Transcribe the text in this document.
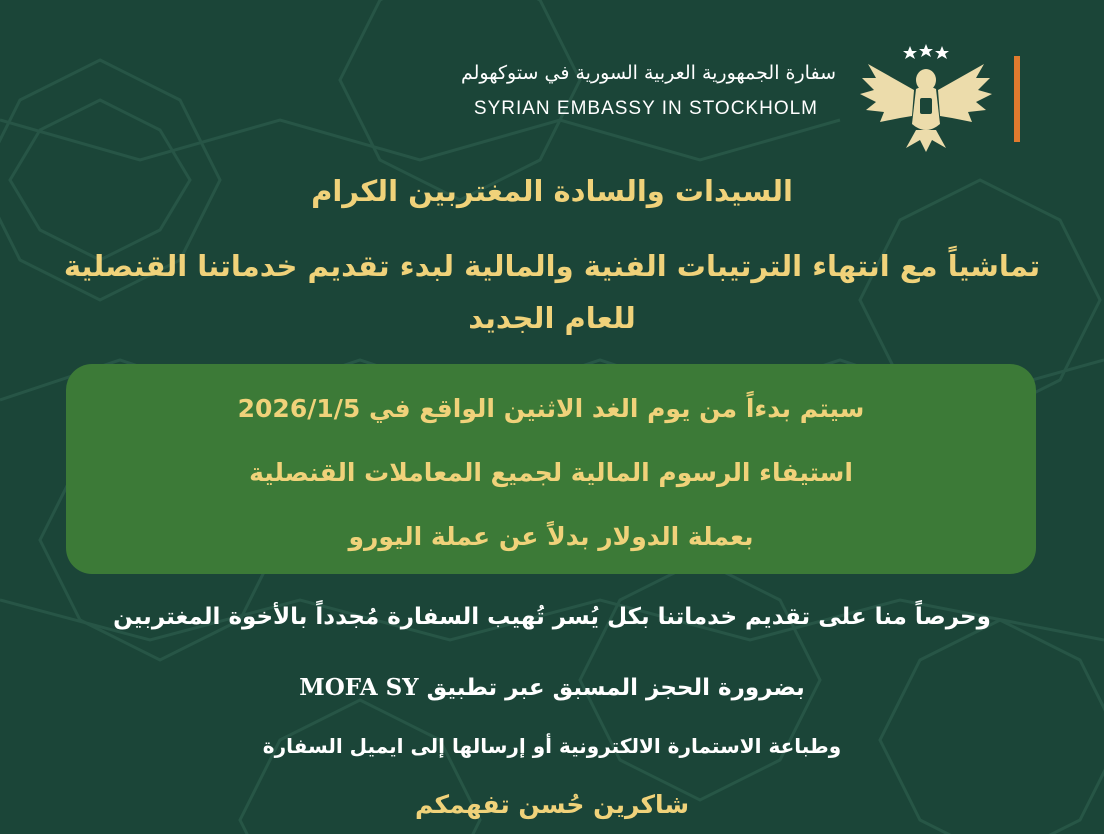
سفارة الجمهورية العربية السورية في ستوكهولم
SYRIAN EMBASSY IN STOCKHOLM
السيدات والسادة المغتربين الكرام
تماشياً مع انتهاء الترتيبات الفنية والمالية لبدء تقديم خدماتنا القنصلية
للعام الجديد
سيتم بدءاً من يوم الغد الاثنين الواقع في 2026/1/5
استيفاء الرسوم المالية لجميع المعاملات القنصلية
بعملة الدولار بدلاً عن عملة اليورو
وحرصاً منا على تقديم خدماتنا بكل يُسر تُهيب السفارة مُجدداً بالأخوة المغتربين
بضرورة الحجز المسبق عبر تطبيق MOFA SY
وطباعة الاستمارة الالكترونية أو إرسالها إلى ايميل السفارة
شاكرين حُسن تفهمكم
